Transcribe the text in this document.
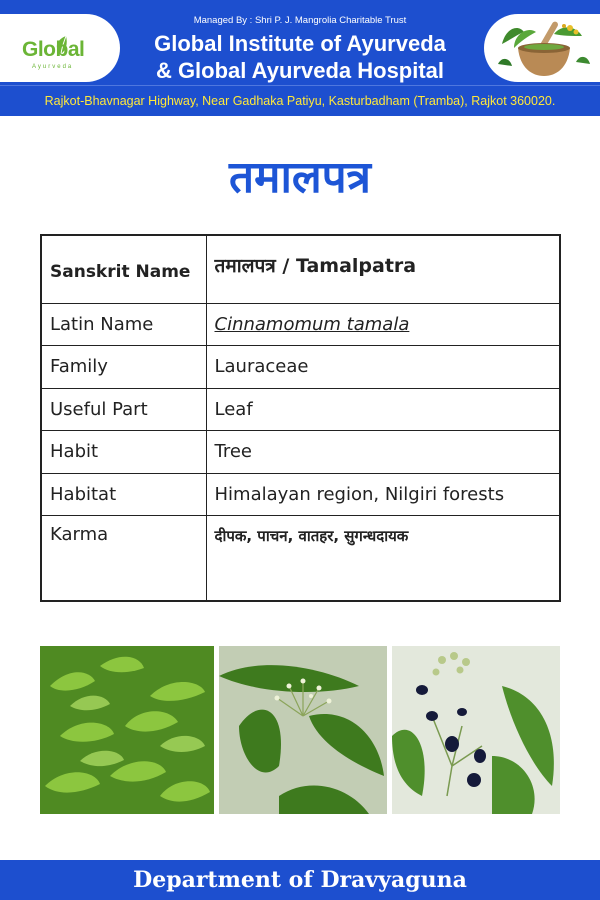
Managed By : Shri P. J. Mangrolia Charitable Trust
Global Institute of Ayurveda
& Global Ayurveda Hospital
Global
Ayurveda
Rajkot-Bhavnagar Highway, Near Gadhaka Patiyu, Kasturbadham (Tramba), Rajkot 360020.
तमालपत्र
Sanskrit Name	तमालपत्र / Tamalpatra
Latin Name	Cinnamomum tamala
Family	Lauraceae
Useful Part	Leaf
Habit	Tree
Habitat	Himalayan region, Nilgiri forests
Karma	दीपक, पाचन, वातहर, सुगन्धदायक
Department of Dravyaguna
